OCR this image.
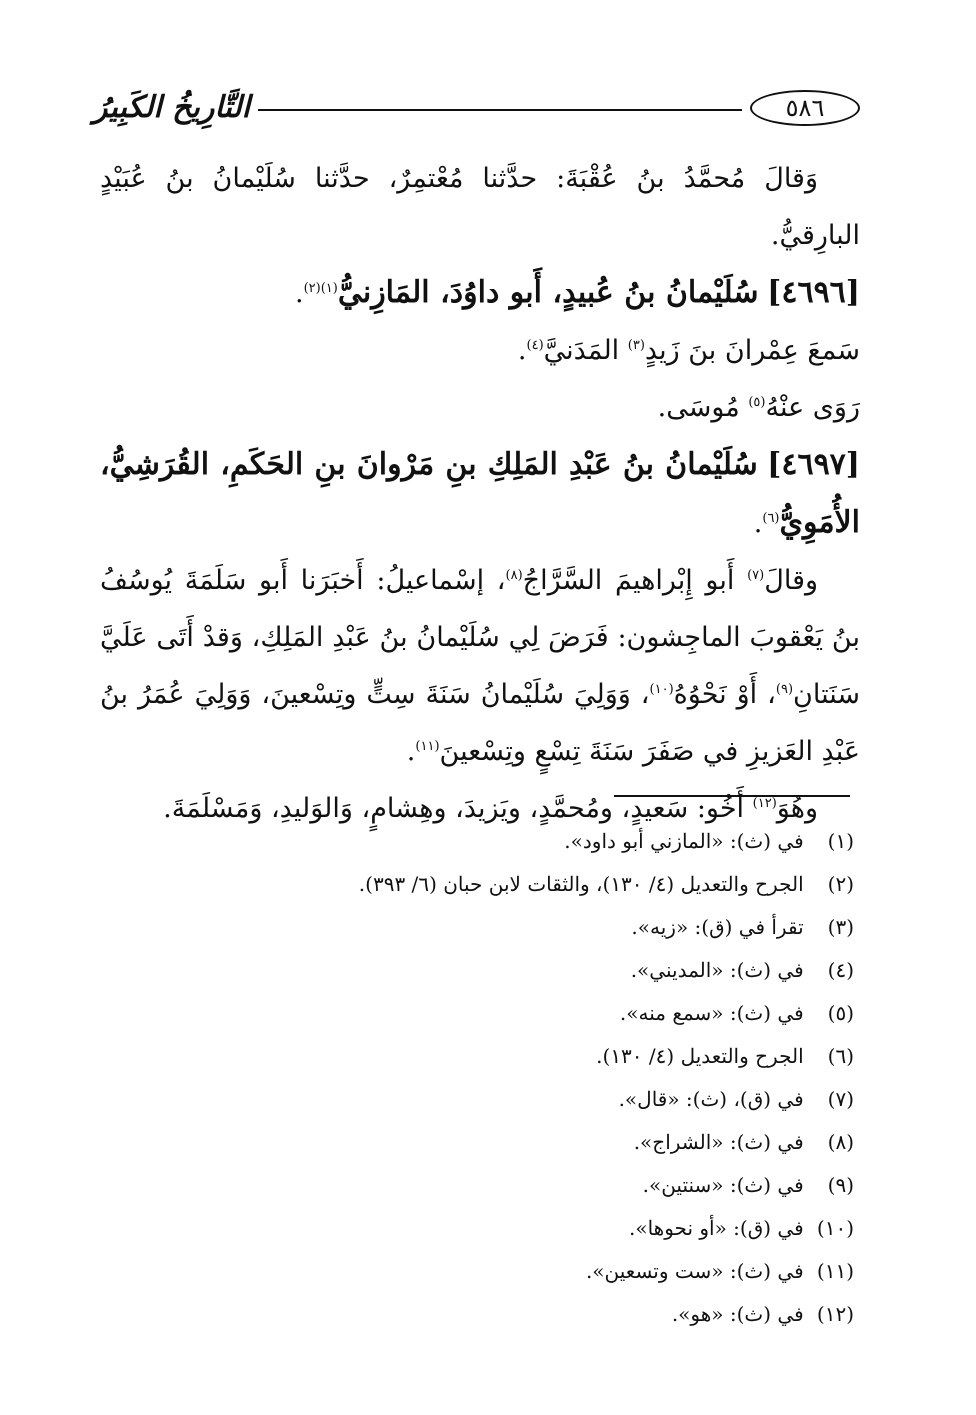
التَّارِيخُ الكَبِيرُ	٥٨٦

وَقالَ مُحمَّدُ بنُ عُقْبَةَ: حدَّثنا مُعْتمِرٌ، حدَّثنا سُلَيْمانُ بنُ عُبَيْدٍ البارِقيُّ.

[٤٦٩٦] سُلَيْمانُ بنُ عُبيدٍ، أَبو داوُدَ، المَازِنيُّ$^{(١)(٢)}$.

سَمعَ عِمْرانَ بنَ زَيدٍ$^{(٣)}$ المَدَنيَّ$^{(٤)}$.

رَوَى عنْهُ$^{(٥)}$ مُوسَى.

[٤٦٩٧] سُلَيْمانُ بنُ عَبْدِ المَلِكِ بنِ مَرْوانَ بنِ الحَكَمِ، القُرَشِيُّ، الأُمَوِيُّ$^{(٦)}$.

وقالَ$^{(٧)}$ أَبو إِبْراهيمَ السَّرَّاجُ$^{(٨)}$، إسْماعيلُ: أَخبَرَنا أَبو سَلَمَةَ يُوسُفُ بنُ يَعْقوبَ الماجِشون: فَرَضَ لِي سُلَيْمانُ بنُ عَبْدِ المَلِكِ، وَقدْ أَتَى عَلَيَّ سَنَتانِ$^{(٩)}$، أَوْ نَحْوُهُ$^{(١٠)}$، وَوَلِيَ سُلَيْمانُ سَنَةَ سِتٍّ وتِسْعينَ، وَوَلِيَ عُمَرُ بنُ عَبْدِ العَزيزِ في صَفَرَ سَنَةَ تِسْعٍ وتِسْعينَ$^{(١١)}$.

وهُوَ$^{(١٢)}$ أَخُو: سَعيدٍ، ومُحمَّدٍ، ويَزيدَ، وهِشامٍ، وَالوَليدِ، وَمَسْلَمَةَ.

(١) في (ث): «المازني أبو داود».
(٢) الجرح والتعديل (٤/ ١٣٠)، والثقات لابن حبان (٦/ ٣٩٣).
(٣) تقرأ في (ق): «زيه».
(٤) في (ث): «المديني».
(٥) في (ث): «سمع منه».
(٦) الجرح والتعديل (٤/ ١٣٠).
(٧) في (ق)، (ث): «قال».
(٨) في (ث): «الشراج».
(٩) في (ث): «سنتين».
(١٠) في (ق): «أو نحوها».
(١١) في (ث): «ست وتسعين».
(١٢) في (ث): «هو».
